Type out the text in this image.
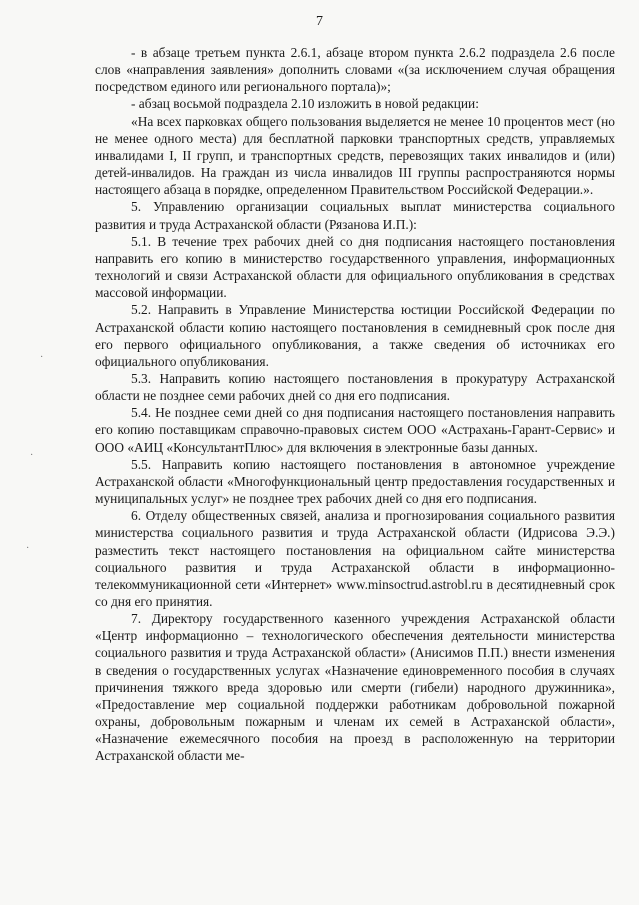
7
·
·
·

- в абзаце третьем пункта 2.6.1, абзаце втором пункта 2.6.2 подраздела 2.6 после слов «направления заявления» дополнить словами «(за исключением случая обращения посредством единого или регионального портала)»;

- абзац восьмой подраздела 2.10 изложить в новой редакции:

«На всех парковках общего пользования выделяется не менее 10 процентов мест (но не менее одного места) для бесплатной парковки транспортных средств, управляемых инвалидами I, II групп, и транспортных средств, перевозящих таких инвалидов и (или) детей-инвалидов. На граждан из числа инвалидов III группы распространяются нормы настоящего абзаца в порядке, определенном Правительством Российской Федерации.».

5. Управлению организации социальных выплат министерства социального развития и труда Астраханской области (Рязанова И.П.):

5.1. В течение трех рабочих дней со дня подписания настоящего постановления направить его копию в министерство государственного управления, информационных технологий и связи Астраханской области для официального опубликования в средствах массовой информации.

5.2. Направить в Управление Министерства юстиции Российской Федерации по Астраханской области копию настоящего постановления в семидневный срок после дня его первого официального опубликования, а также сведения об источниках его официального опубликования.

5.3. Направить копию настоящего постановления в прокуратуру Астраханской области не позднее семи рабочих дней со дня его подписания.

5.4. Не позднее семи дней со дня подписания настоящего постановления направить его копию поставщикам справочно-правовых систем ООО «Астрахань-Гарант-Сервис» и ООО «АИЦ «КонсультантПлюс» для включения в электронные базы данных.

5.5. Направить копию настоящего постановления в автономное учреждение Астраханской области «Многофункциональный центр предоставления государственных и муниципальных услуг» не позднее трех рабочих дней со дня его подписания.

6. Отделу общественных связей, анализа и прогнозирования социального развития министерства социального развития и труда Астраханской области (Идрисова Э.Э.) разместить текст настоящего постановления на официальном сайте министерства социального развития и труда Астраханской области в информационно-телекоммуникационной сети «Интернет» www.minsoctrud.astrobl.ru в десятидневный срок со дня его принятия.

7. Директору государственного казенного учреждения Астраханской области «Центр информационно – технологического обеспечения деятельности министерства социального развития и труда Астраханской области» (Анисимов П.П.) внести изменения в сведения о государственных услугах «Назначение единовременного пособия в случаях причинения тяжкого вреда здоровью или смерти (гибели) народного дружинника», «Предоставление мер социальной поддержки работникам добровольной пожарной охраны, добровольным пожарным и членам их семей в Астраханской области», «Назначение ежемесячного пособия на проезд в расположенную на территории Астраханской области ме-
